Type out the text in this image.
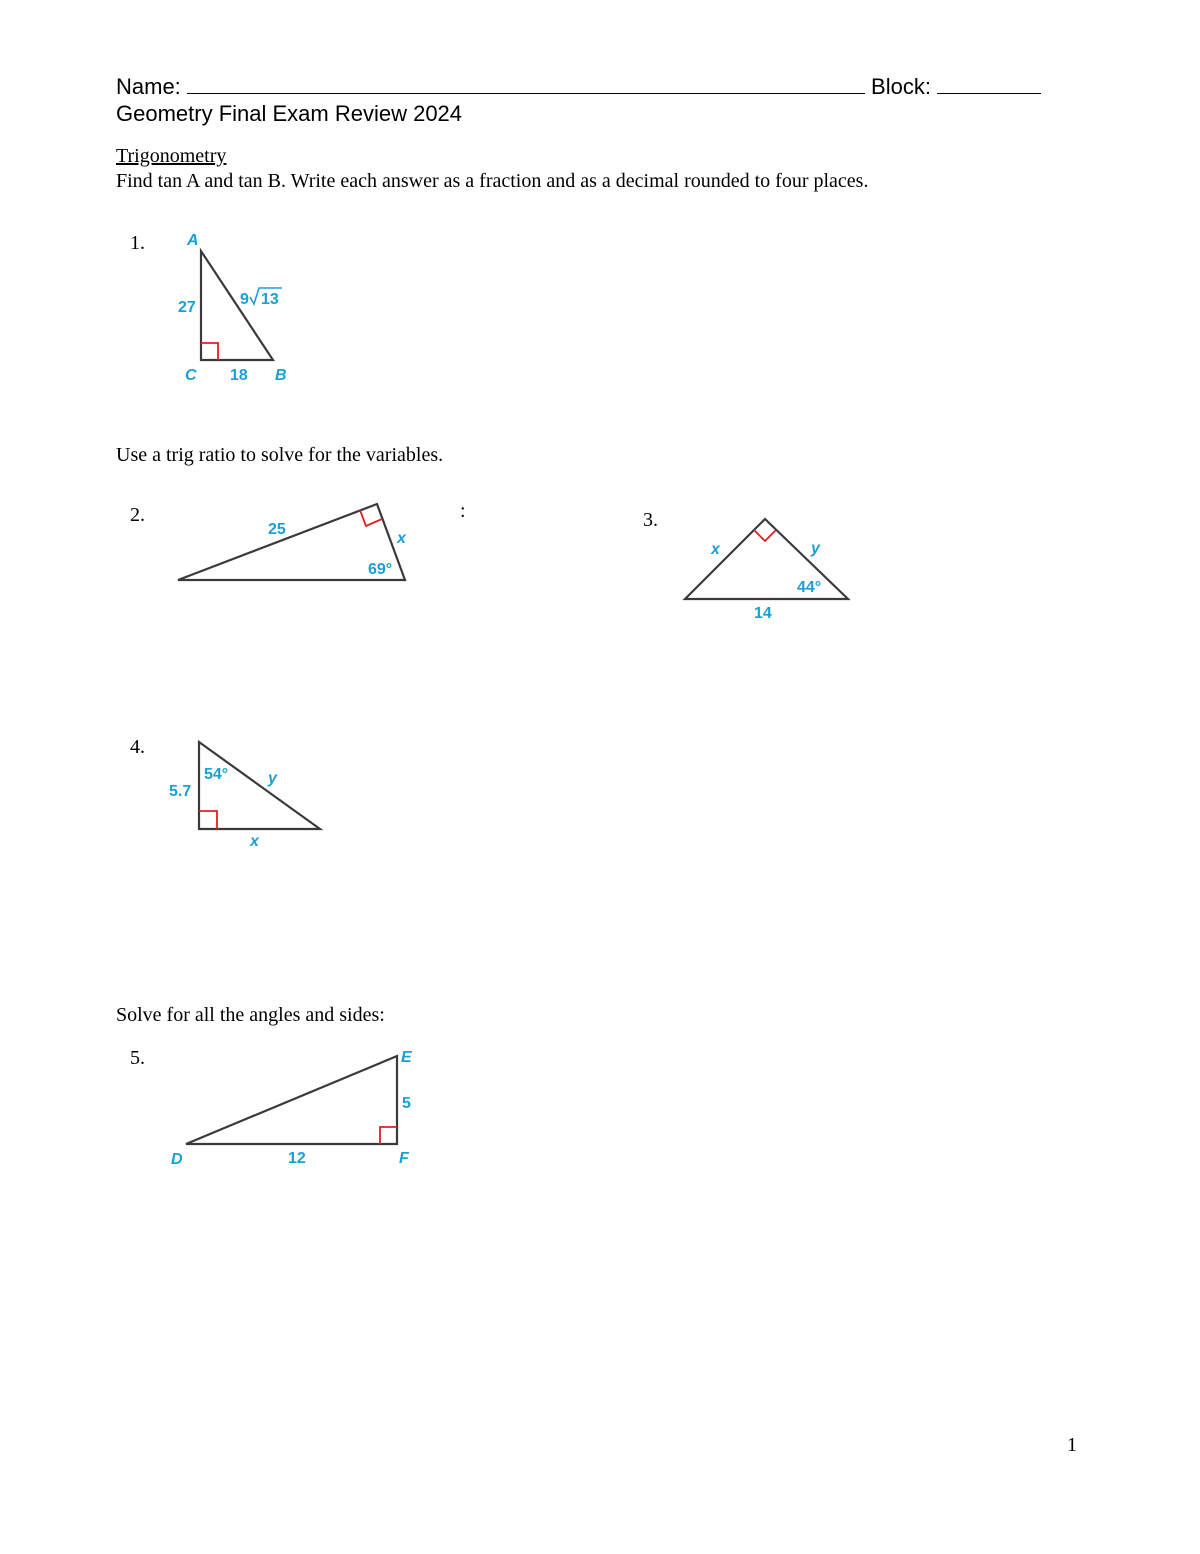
Name:	Block:
Geometry Final Exam Review 2024
Trigonometry
Find tan A and tan B. Write each answer as a fraction and as a decimal rounded to four places.
1.	A
27
C 18 B
9 13
Use a trig ratio to solve for the variables.
2.	:
25
x
69°
3.
x	y
44°
14
4.
5.7
54° y
x
Solve for all the angles and sides:
5.	E
5
D	12	F
1
